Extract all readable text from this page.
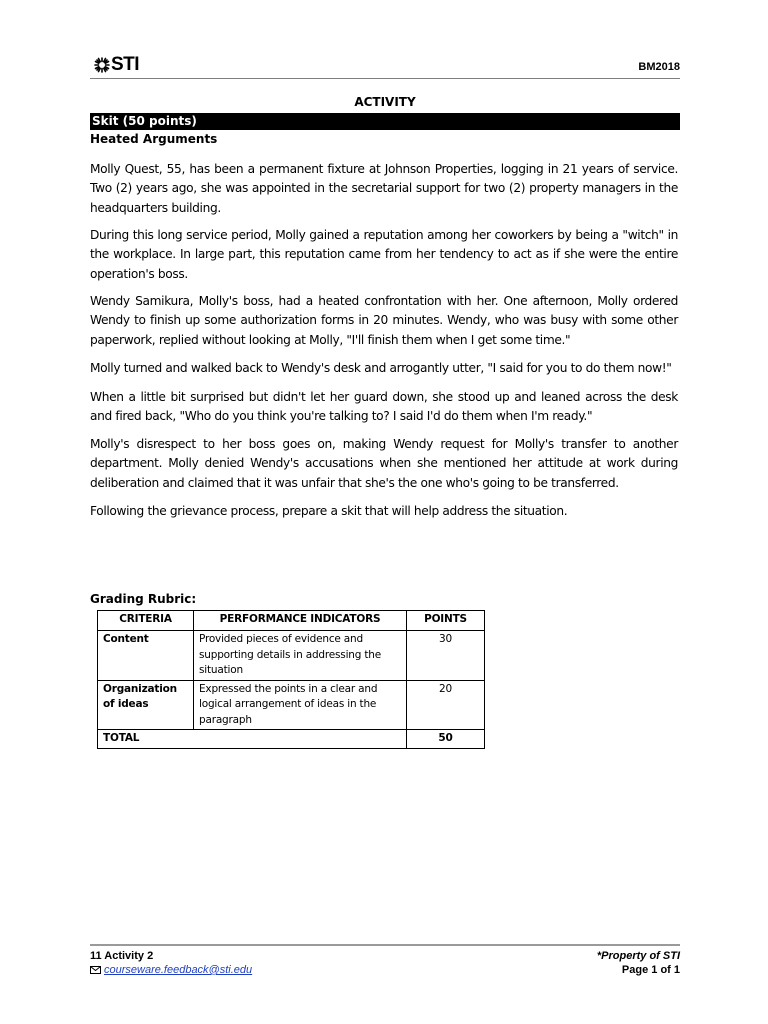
STI	BM2018
ACTIVITY
Skit (50 points)
Heated Arguments

Molly Quest, 55, has been a permanent fixture at Johnson Properties, logging in 21 years of service. Two (2) years ago, she was appointed in the secretarial support for two (2) property managers in the headquarters building.

During this long service period, Molly gained a reputation among her coworkers by being a "witch" in the workplace. In large part, this reputation came from her tendency to act as if she were the entire operation's boss.

Wendy Samikura, Molly's boss, had a heated confrontation with her. One afternoon, Molly ordered Wendy to finish up some authorization forms in 20 minutes. Wendy, who was busy with some other paperwork, replied without looking at Molly, "I'll finish them when I get some time."

Molly turned and walked back to Wendy's desk and arrogantly utter, "I said for you to do them now!"

When a little bit surprised but didn't let her guard down, she stood up and leaned across the desk and fired back, "Who do you think you're talking to? I said I'd do them when I'm ready."

Molly's disrespect to her boss goes on, making Wendy request for Molly's transfer to another department. Molly denied Wendy's accusations when she mentioned her attitude at work during deliberation and claimed that it was unfair that she's the one who's going to be transferred.

Following the grievance process, prepare a skit that will help address the situation.

Grading Rubric:
CRITERIA	PERFORMANCE INDICATORS	POINTS
Content	Provided pieces of evidence and supporting details in addressing the situation	30
Organization of ideas	Expressed the points in a clear and logical arrangement of ideas in the paragraph	20
TOTAL		50
11 Activity 2
courseware.feedback@sti.edu
*Property of STI
Page 1 of 1
